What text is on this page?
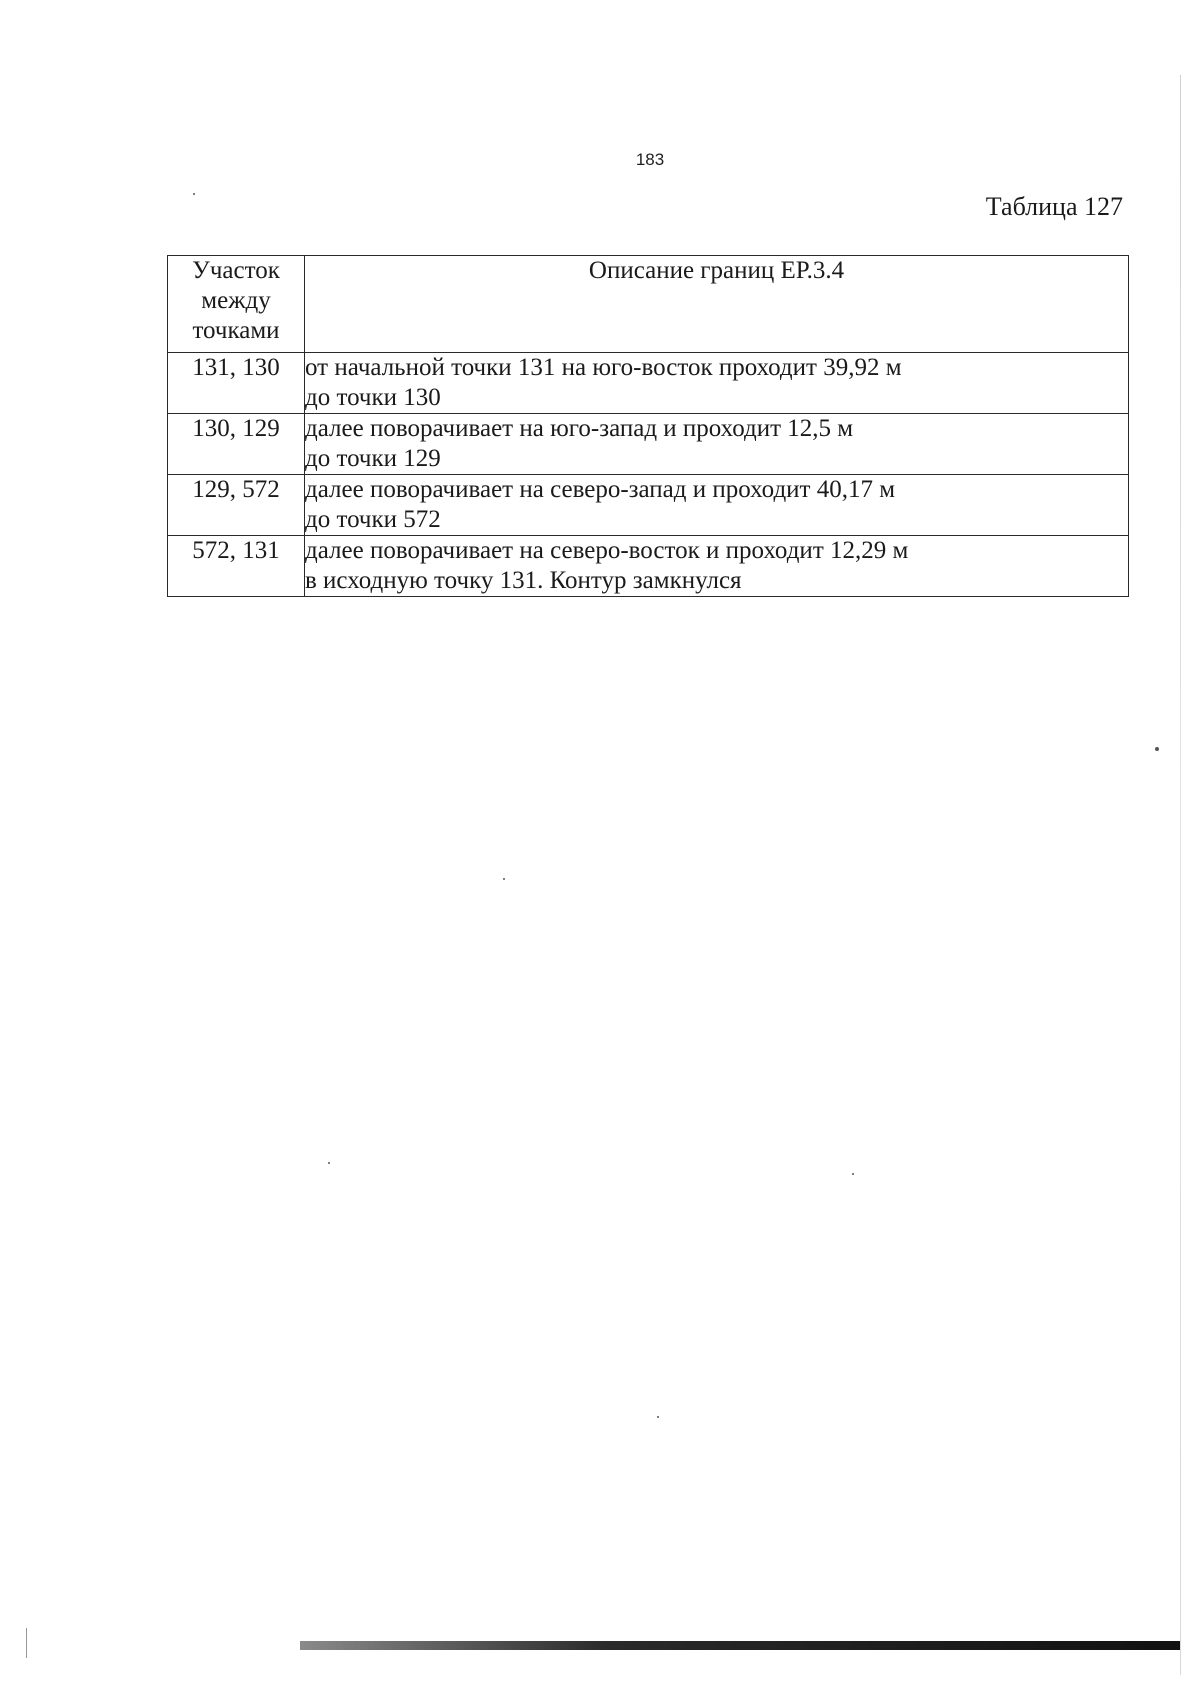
183
Таблица 127
Участок
между
точками	Описание границ ЕР.3.4
131, 130	от начальной точки 131 на юго-восток проходит 39,92 м
до точки 130

130, 129	далее поворачивает на юго-запад и проходит 12,5 м
до точки 129

129, 572	далее поворачивает на северо-запад и проходит 40,17 м
до точки 572

572, 131	далее поворачивает на северо-восток и проходит 12,29 м
в исходную точку 131. Контур замкнулся
